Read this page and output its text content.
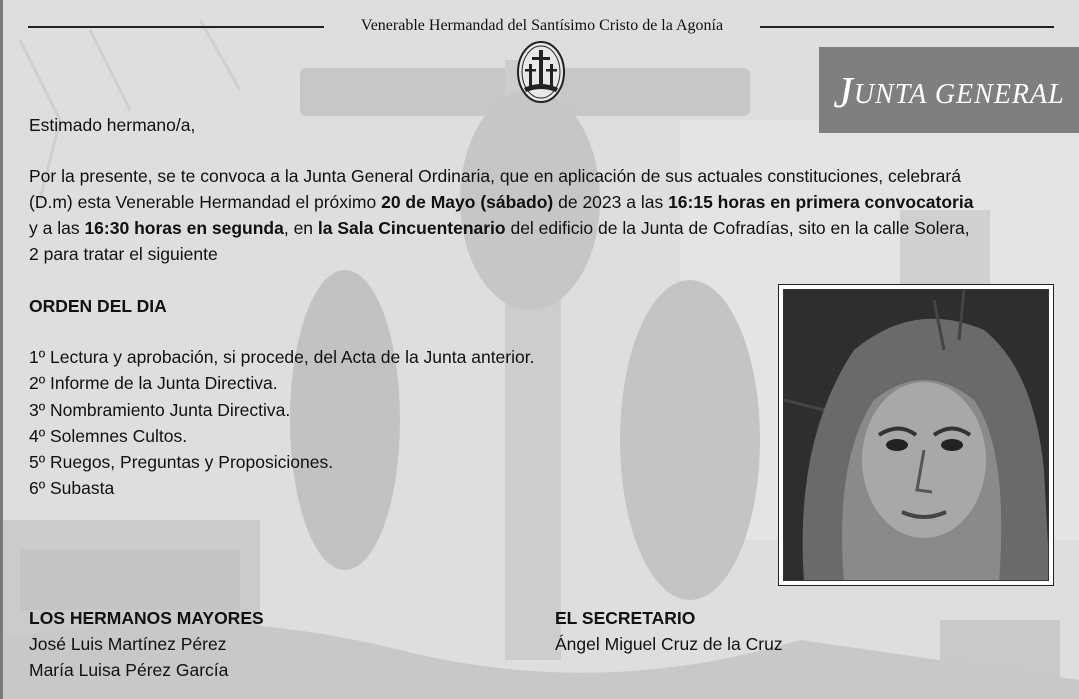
Venerable Hermandad del Santísimo Cristo de la Agonía
JUNTA GENERAL
Estimado hermano/a,
Por la presente, se te convoca a la Junta General Ordinaria, que en aplicación de sus actuales constituciones, celebrará
(D.m) esta Venerable Hermandad el próximo 20 de Mayo (sábado) de 2023 a las 16:15 horas en primera convocatoria
y a las 16:30 horas en segunda, en la Sala Cincuentenario del edificio de la Junta de Cofradías, sito en la calle Solera,
2 para tratar el siguiente
ORDEN DEL DIA
1º Lectura y aprobación, si procede, del Acta de la Junta anterior.
2º Informe de la Junta Directiva.
3º Nombramiento Junta Directiva.
4º Solemnes Cultos.
5º Ruegos, Preguntas y Proposiciones.
6º Subasta
LOS HERMANOS MAYORES
José Luis Martínez Pérez
María Luisa Pérez García
EL SECRETARIO
Ángel Miguel Cruz de la Cruz
